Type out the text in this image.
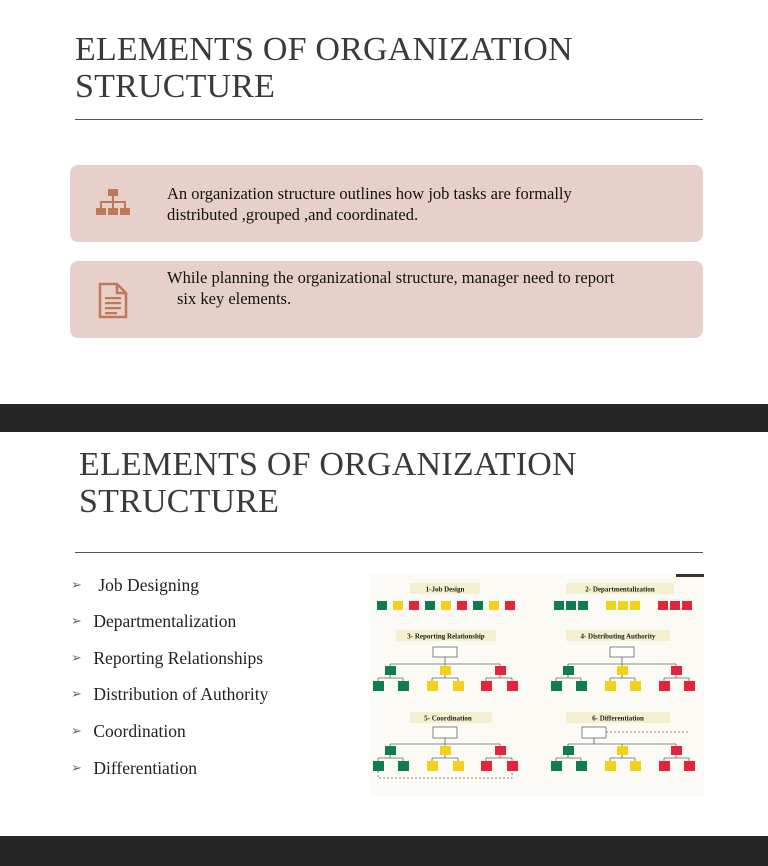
ELEMENTS OF ORGANIZATION
STRUCTURE
An organization structure outlines how job tasks are formally
distributed ,grouped ,and coordinated.
While planning the organizational structure, manager need to report
six key elements.
ELEMENTS OF ORGANIZATION
STRUCTURE
➢ Job Designing
➢ Departmentalization
➢ Reporting Relationships
➢ Distribution of Authority
➢ Coordination
➢ Differentiation
1-Job Design	2- Departmentalization
3- Reporting Relationship	4- Distributing Authority
5- Coordination	6- Differentiation
